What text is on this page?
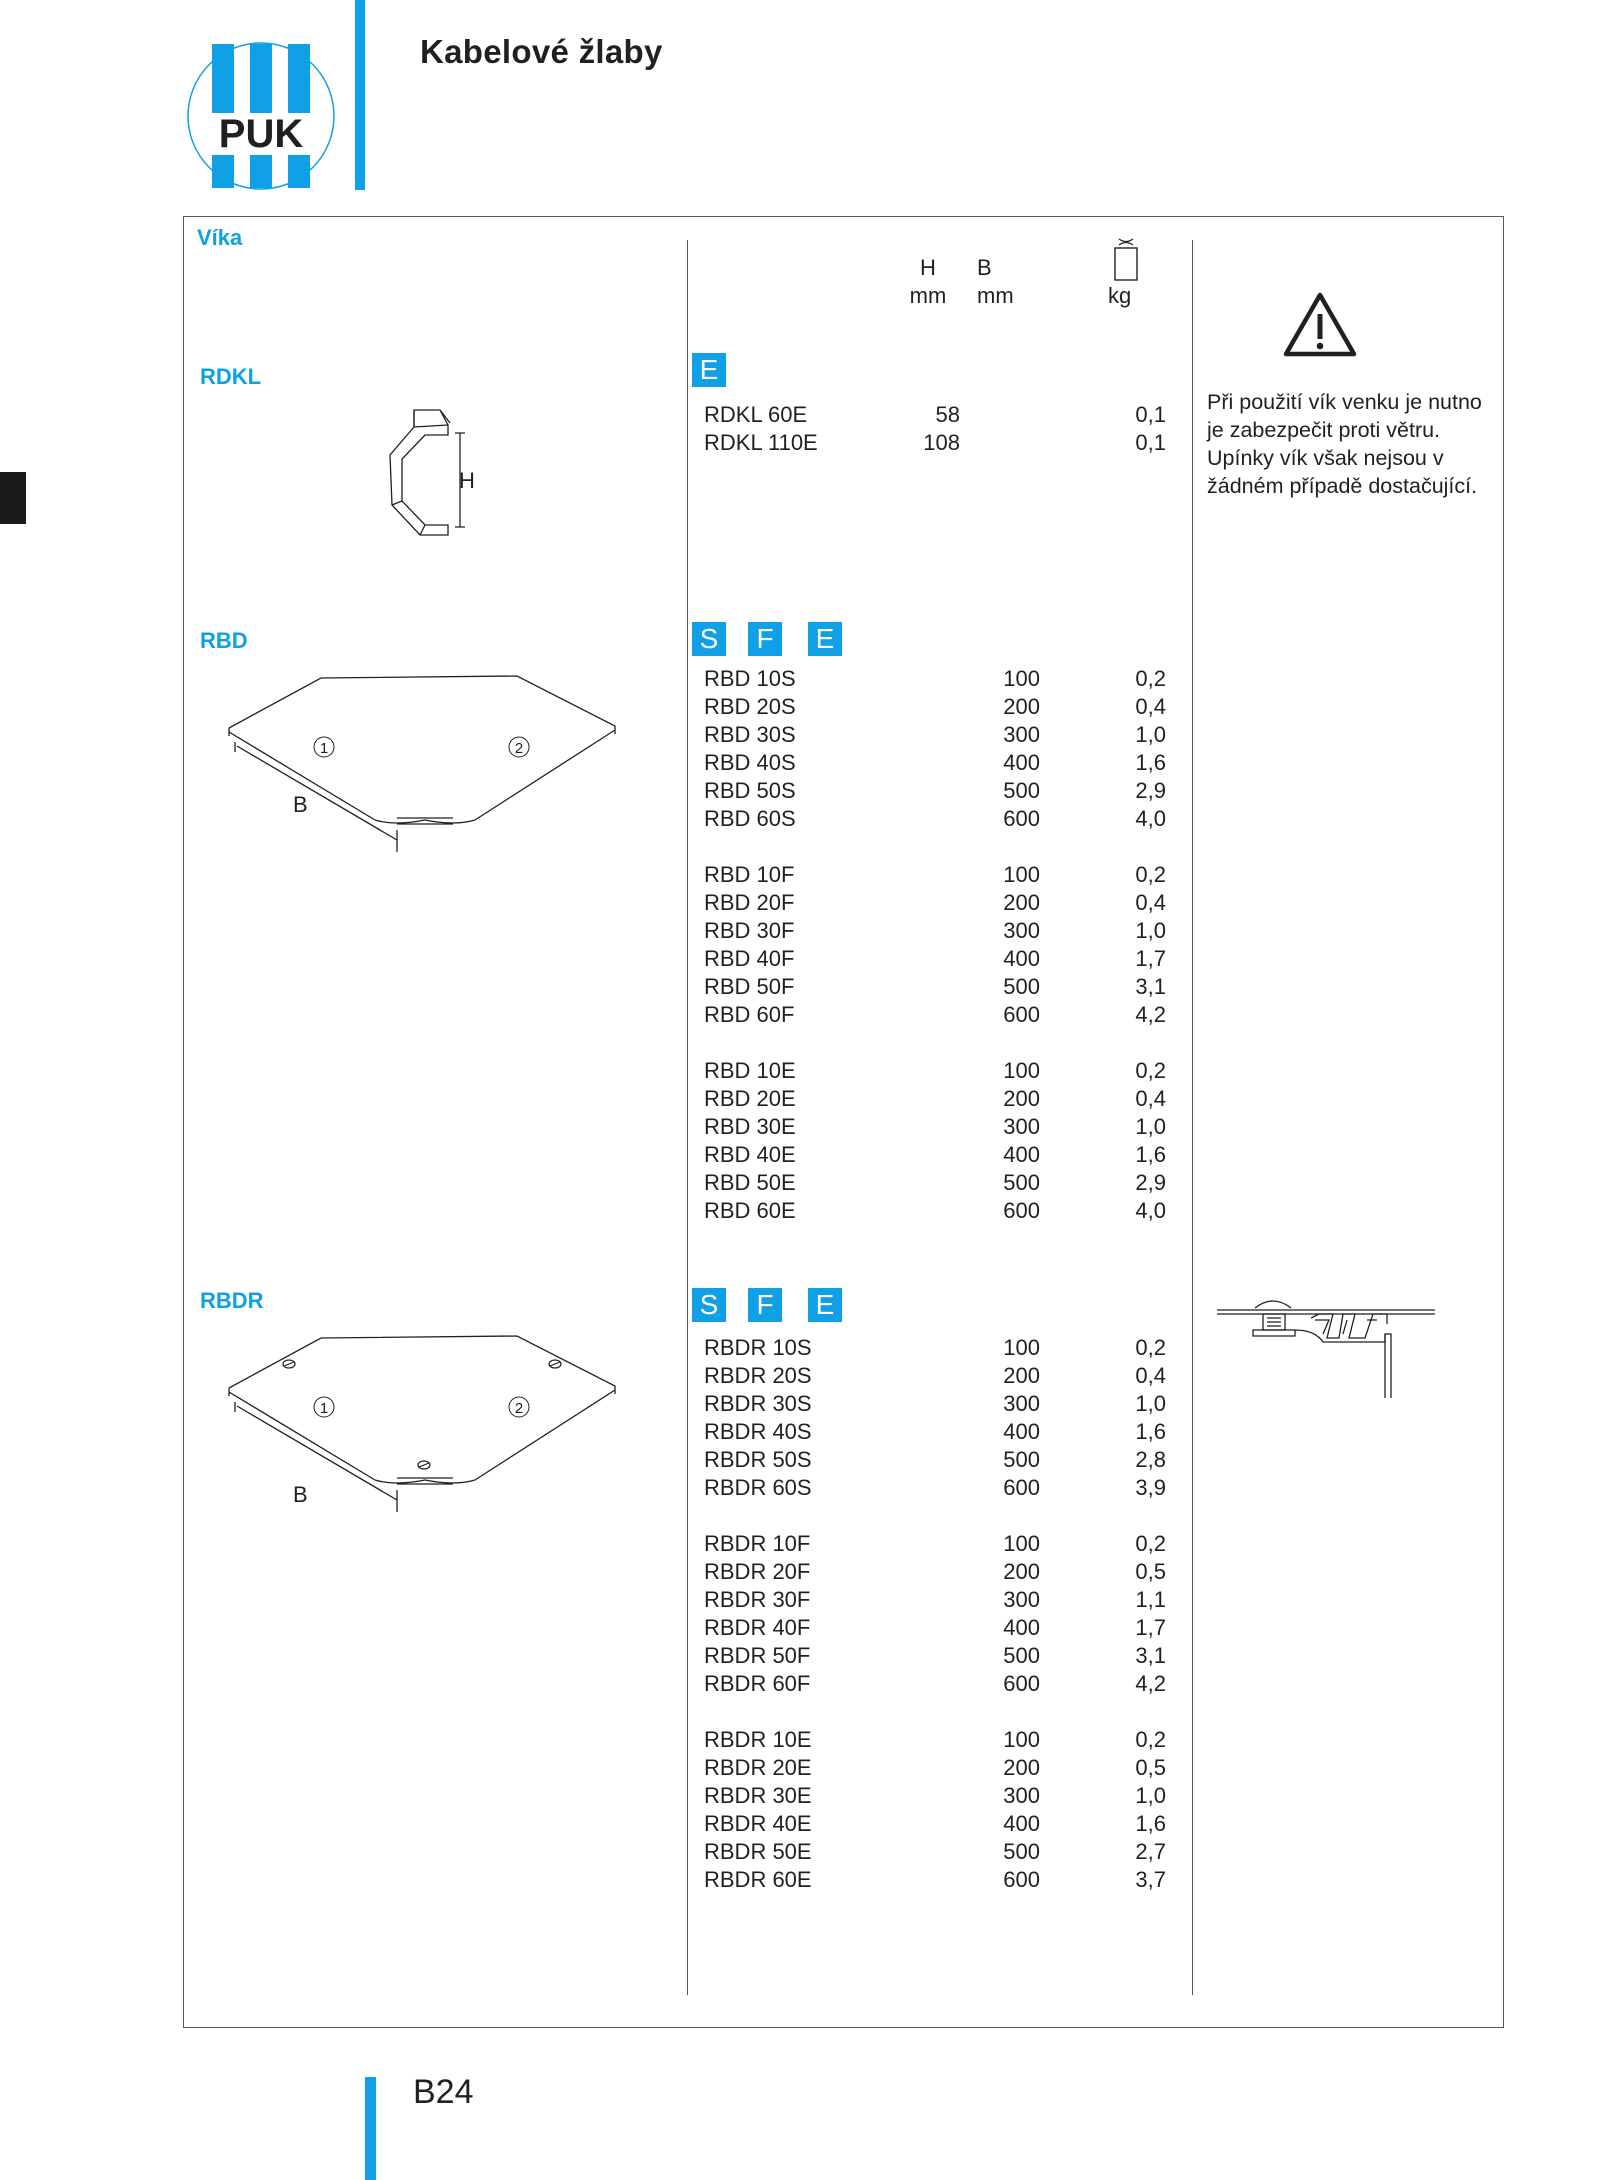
PUK
Kabelové žlaby
Víka
H
mm
B
mm	kg
Při použití vík venku je nutno je zabezpečit proti větru. Upínky vík však nejsou v žádném případě dostačující.
RDKL
H
E
RDKL 60E	58	0,1
RDKL 110E	108	0,1
RBD
1	2
B
S	F	E
RBD 10S	100	0,2
RBD 20S	200	0,4
RBD 30S	300	1,0
RBD 40S	400	1,6
RBD 50S	500	2,9
RBD 60S	600	4,0
RBD 10F	100	0,2
RBD 20F	200	0,4
RBD 30F	300	1,0
RBD 40F	400	1,7
RBD 50F	500	3,1
RBD 60F	600	4,2
RBD 10E	100	0,2
RBD 20E	200	0,4
RBD 30E	300	1,0
RBD 40E	400	1,6
RBD 50E	500	2,9
RBD 60E	600	4,0
RBDR
1	2
B
S	F	E
RBDR 10S	100	0,2
RBDR 20S	200	0,4
RBDR 30S	300	1,0
RBDR 40S	400	1,6
RBDR 50S	500	2,8
RBDR 60S	600	3,9
RBDR 10F	100	0,2
RBDR 20F	200	0,5
RBDR 30F	300	1,1
RBDR 40F	400	1,7
RBDR 50F	500	3,1
RBDR 60F	600	4,2
RBDR 10E	100	0,2
RBDR 20E	200	0,5
RBDR 30E	300	1,0
RBDR 40E	400	1,6
RBDR 50E	500	2,7
RBDR 60E	600	3,7
B24
